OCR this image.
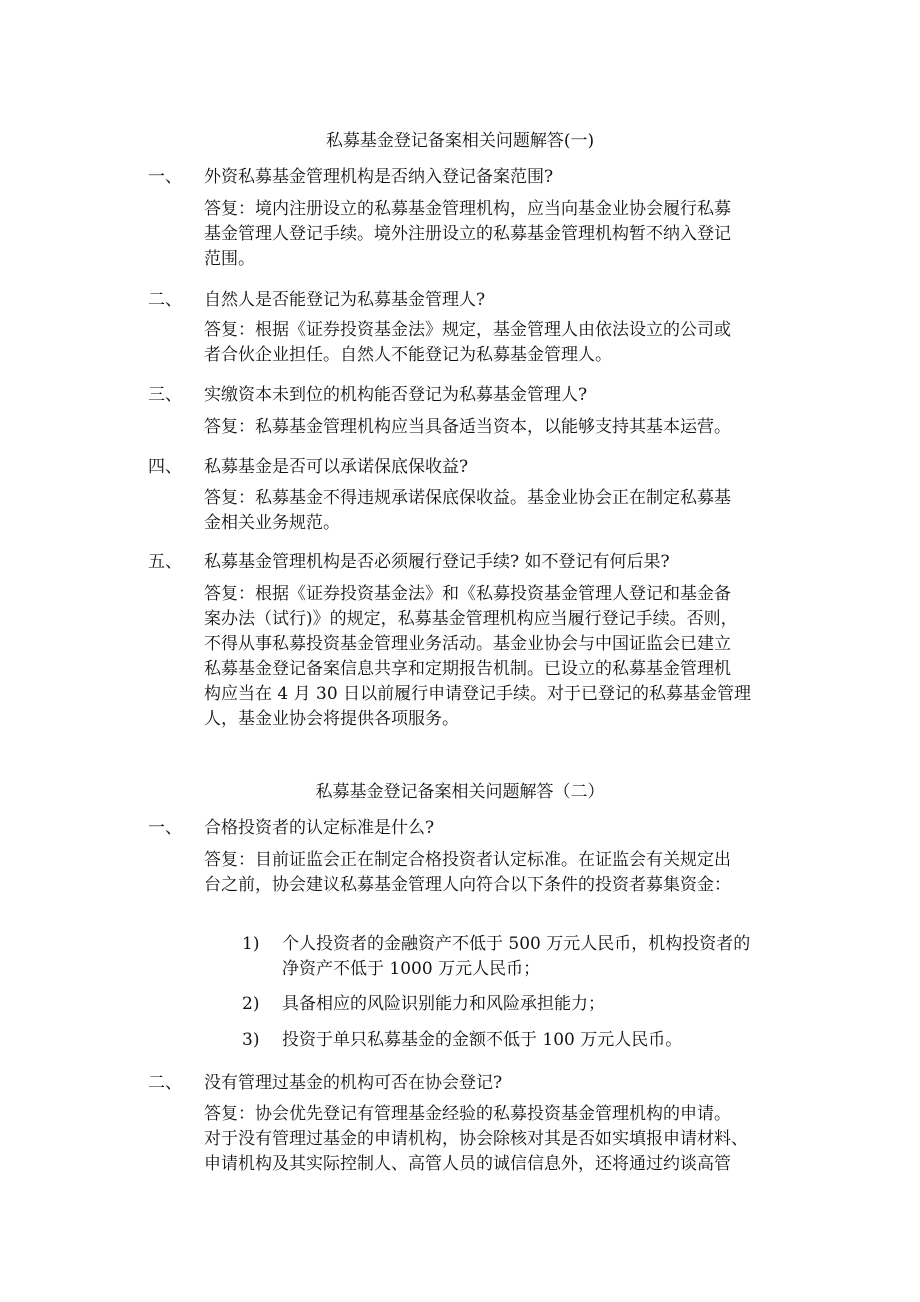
私募基金登记备案相关问题解答(一)
一、 外资私募基金管理机构是否纳入登记备案范围?

答复：境内注册设立的私募基金管理机构，应当向基金业协会履行私募

基金管理人登记手续。境外注册设立的私募基金管理机构暂不纳入登记

范围。

二、 自然人是否能登记为私募基金管理人?

答复：根据《证券投资基金法》规定，基金管理人由依法设立的公司或

者合伙企业担任。自然人不能登记为私募基金管理人。

三、 实缴资本未到位的机构能否登记为私募基金管理人?

答复：私募基金管理机构应当具备适当资本，以能够支持其基本运营。

四、 私募基金是否可以承诺保底保收益?

答复：私募基金不得违规承诺保底保收益。基金业协会正在制定私募基

金相关业务规范。

五、 私募基金管理机构是否必须履行登记手续? 如不登记有何后果?

答复：根据《证券投资基金法》和《私募投资基金管理人登记和基金备

案办法（试行)》的规定，私募基金管理机构应当履行登记手续。否则，

不得从事私募投资基金管理业务活动。基金业协会与中国证监会已建立

私募基金登记备案信息共享和定期报告机制。已设立的私募基金管理机

构应当在 4 月 30 日以前履行申请登记手续。对于已登记的私募基金管理

人，基金业协会将提供各项服务。

私募基金登记备案相关问题解答（二）
一、 合格投资者的认定标准是什么?

答复：目前证监会正在制定合格投资者认定标准。在证监会有关规定出

台之前，协会建议私募基金管理人向符合以下条件的投资者募集资金：

1) 个人投资者的金融资产不低于 500 万元人民币，机构投资者的
净资产不低于 1000 万元人民币；
2) 具备相应的风险识别能力和风险承担能力；
3) 投资于单只私募基金的金额不低于 100 万元人民币。
二、 没有管理过基金的机构可否在协会登记?

答复：协会优先登记有管理基金经验的私募投资基金管理机构的申请。

对于没有管理过基金的申请机构，协会除核对其是否如实填报申请材料、

申请机构及其实际控制人、高管人员的诚信信息外，还将通过约谈高管
